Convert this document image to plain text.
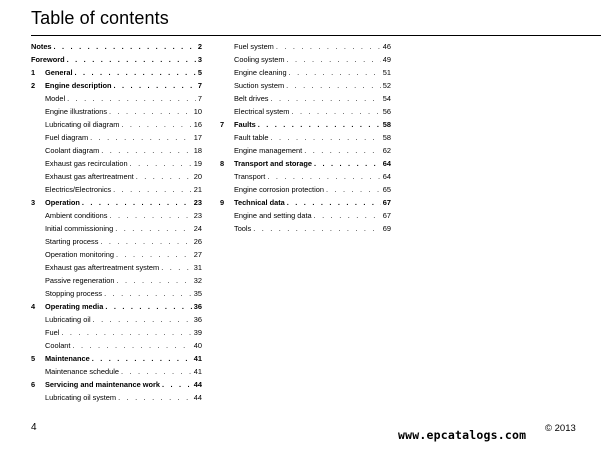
Table of contents
Notes . . .	2
Foreword . . .	3
1	General . . .	5
2	Engine description . . .	7
Model . . .	7
Engine illustrations . . .	10
Lubricating oil diagram . . .	16
Fuel diagram . . .	17
Coolant diagram . . .	18
Exhaust gas recirculation . . .	19
Exhaust gas aftertreatment . . .	20
Electrics/Electronics . . .	21
3	Operation . . .	23
Ambient conditions . . .	23
Initial commissioning . . .	24
Starting process . . .	26
Operation monitoring . . .	27
Exhaust gas aftertreatment system . . .	31
Passive regeneration . . .	32
Stopping process . . .	35
4	Operating media . . .	36
Lubricating oil . . .	36
Fuel . . .	39
Coolant . . .	40
5	Maintenance . . .	41
Maintenance schedule . . .	41
6	Servicing and maintenance work . . .	44
Lubricating oil system . . .	44
Fuel system . . .	46
Cooling system . . .	49
Engine cleaning . . .	51
Suction system . . .	52
Belt drives . . .	54
Electrical system . . .	56
7	Faults . . .	58
Fault table . . .	58
Engine management . . .	62
8	Transport and storage . . .	64
Transport . . .	64
Engine corrosion protection . . .	65
9	Technical data . . .	67
Engine and setting data . . .	67
Tools . . .	69
4
www.epcatalogs.com © 2013
